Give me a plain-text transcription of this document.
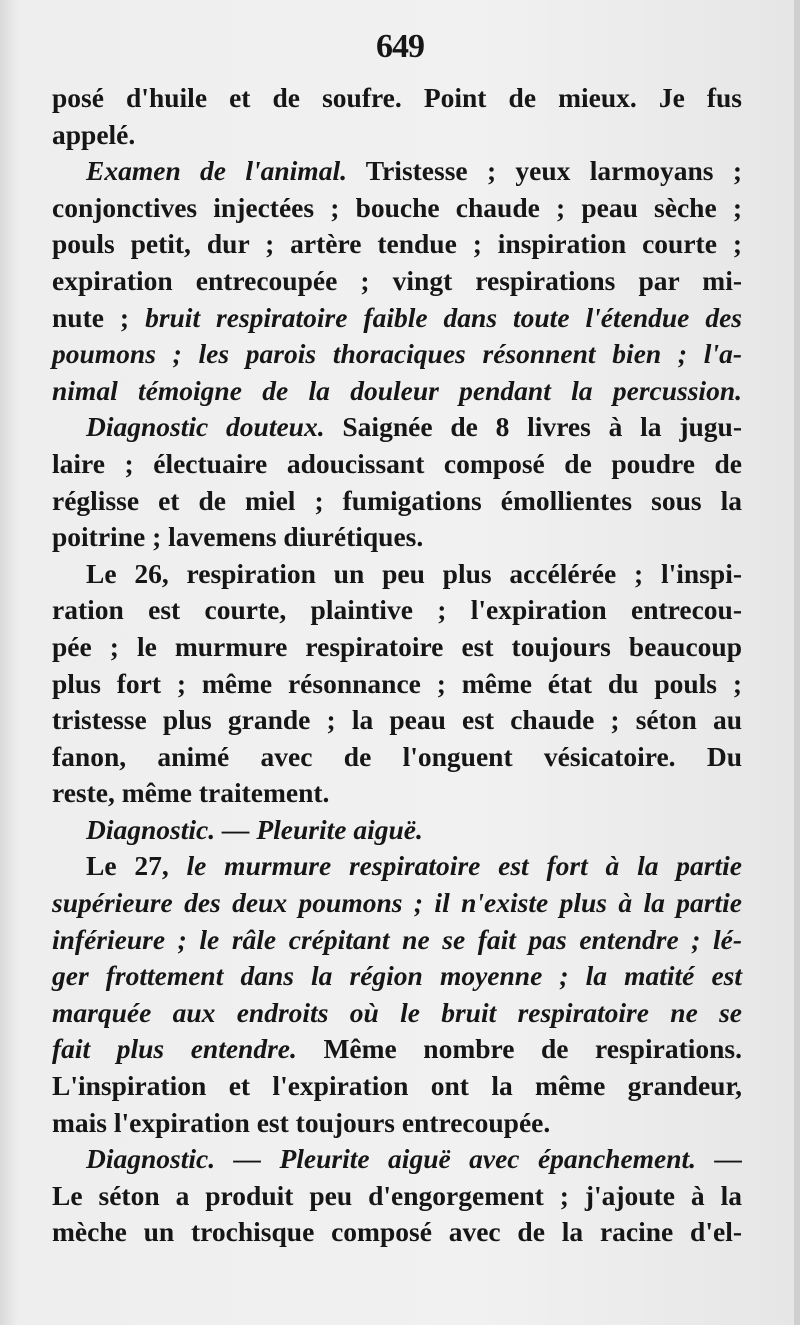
649
posé d'huile et de soufre. Point de mieux. Je fus
appelé.
Examen de l'animal. Tristesse ; yeux larmoyans ;
conjonctives injectées ; bouche chaude ; peau sèche ;
pouls petit, dur ; artère tendue ; inspiration courte ;
expiration entrecoupée ; vingt respirations par mi-
nute ; bruit respiratoire faible dans toute l'étendue des
poumons ; les parois thoraciques résonnent bien ; l'a-
nimal témoigne de la douleur pendant la percussion.
Diagnostic douteux. Saignée de 8 livres à la jugu-
laire ; électuaire adoucissant composé de poudre de
réglisse et de miel ; fumigations émollientes sous la
poitrine ; lavemens diurétiques.
Le 26, respiration un peu plus accélérée ; l'inspi-
ration est courte, plaintive ; l'expiration entrecou-
pée ; le murmure respiratoire est toujours beaucoup
plus fort ; même résonnance ; même état du pouls ;
tristesse plus grande ; la peau est chaude ; séton au
fanon, animé avec de l'onguent vésicatoire. Du
reste, même traitement.
Diagnostic. — Pleurite aiguë.
Le 27, le murmure respiratoire est fort à la partie
supérieure des deux poumons ; il n'existe plus à la partie
inférieure ; le râle crépitant ne se fait pas entendre ; lé-
ger frottement dans la région moyenne ; la matité est
marquée aux endroits où le bruit respiratoire ne se
fait plus entendre. Même nombre de respirations.
L'inspiration et l'expiration ont la même grandeur,
mais l'expiration est toujours entrecoupée.
Diagnostic. — Pleurite aiguë avec épanchement. —
Le séton a produit peu d'engorgement ; j'ajoute à la
mèche un trochisque composé avec de la racine d'el-
